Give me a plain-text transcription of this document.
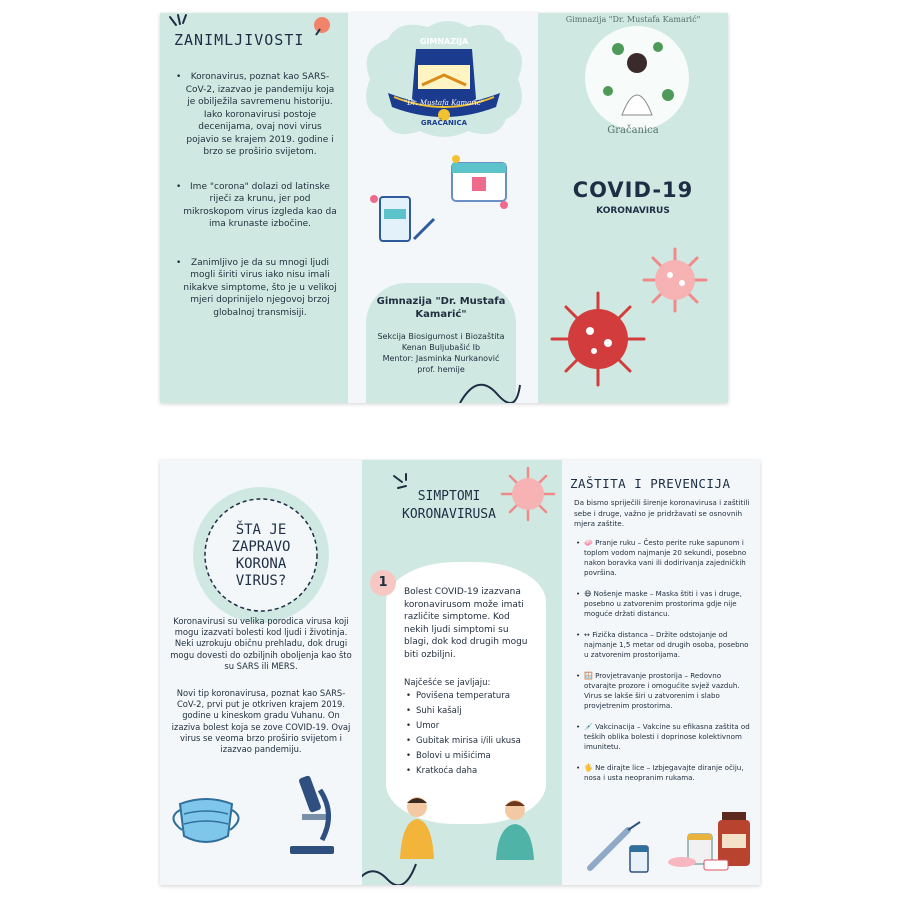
ZANIMLJIVOSTI
• Koronavirus, poznat kao SARS-CoV-2, izazvao je pandemiju koja je obilježila savremenu historiju. Iako koronavirusi postoje decenijama, ovaj novi virus pojavio se krajem 2019. godine i brzo se proširio svijetom.
• Ime "corona" dolazi od latinske riječi za krunu, jer pod mikroskopom virus izgleda kao da ima krunaste izbočine.
• Zanimljivo je da su mnogi ljudi mogli širiti virus iako nisu imali nikakve simptome, što je u velikoj mjeri doprinijelo njegovoj brzoj globalnoj transmisiji.
GIMNAZIJA
"Dr. Mustafa Kamarić"
GRAČANICA
Gimnazija "Dr. Mustafa Kamarić"
Sekcija Biosigurnost i Biozaštita
Kenan Buljubašić Ib
Mentor: Jasminka Nurkanović prof. hemije
Gimnazija "Dr. Mustafa Kamarić"
Gračanica
COVID-19
KORONAVIRUS
ŠTA JE
ZAPRAVO
KORONA
VIRUS?
Koronavirusi su velika porodica virusa koji mogu izazvati bolesti kod ljudi i životinja. Neki uzrokuju običnu prehladu, dok drugi mogu dovesti do ozbiljnih oboljenja kao što su SARS ili MERS.
Novi tip koronavirusa, poznat kao SARS-CoV-2, prvi put je otkriven krajem 2019. godine u kineskom gradu Vuhanu. On izaziva bolest koja se zove COVID-19. Ovaj virus se veoma brzo proširio svijetom i izazvao pandemiju.
SIMPTOMI
KORONAVIRUSA
1
Bolest COVID-19 izazvana koronavirusom može imati različite simptome. Kod nekih ljudi simptomi su blagi, dok kod drugih mogu biti ozbiljni.
Najčešće se javljaju:
• Povišena temperatura
• Suhi kašalj
• Umor
• Gubitak mirisa i/ili ukusa
• Bolovi u mišićima
• Kratkoća daha
ZAŠTITA I PREVENCIJA
Da bismo spriječili širenje koronavirusa i zaštitili sebe i druge, važno je pridržavati se osnovnih mjera zaštite.
• 🧼 Pranje ruku – Često perite ruke sapunom i toplom vodom najmanje 20 sekundi, posebno nakon boravka vani ili dodirivanja zajedničkih površina.
• 😷 Nošenje maske – Maska štiti i vas i druge, posebno u zatvorenim prostorima gdje nije moguće držati distancu.
• ↔ Fizička distanca – Držite odstojanje od najmanje 1,5 metar od drugih osoba, posebno u zatvorenim prostorijama.
• 🪟 Provjetravanje prostorija – Redovno otvarajte prozore i omogućite svjež vazduh. Virus se lakše širi u zatvorenim i slabo provjetrenim prostorima.
• 💉 Vakcinacija – Vakcine su efikasna zaštita od teških oblika bolesti i doprinose kolektivnom imunitetu.
• 🖐 Ne dirajte lice – Izbjegavajte diranje očiju, nosa i usta neopranim rukama.
